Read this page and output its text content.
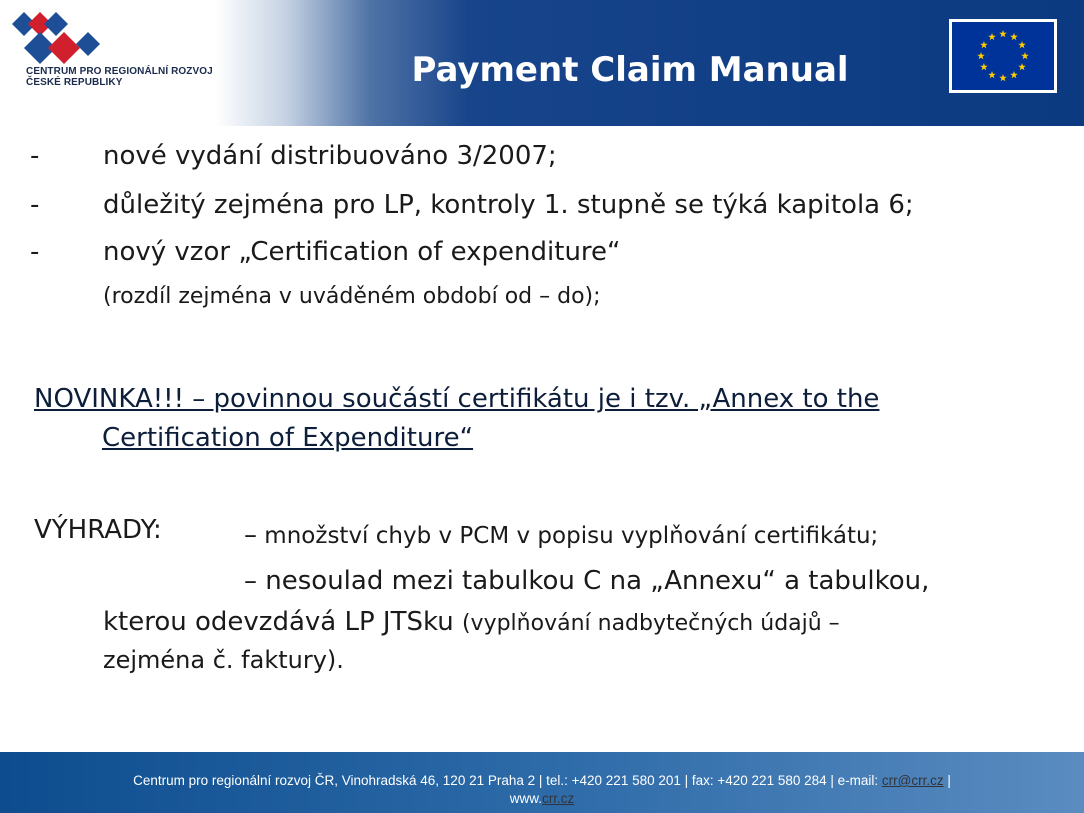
CENTRUM PRO REGIONÁLNÍ ROZVOJ
ČESKÉ REPUBLIKY	Payment Claim Manual
- nové vydání distribuováno 3/2007;
- důležitý zejména pro LP, kontroly 1. stupně se týká kapitola 6;
- nový vzor „Certification of expenditure“
(rozdíl zejména v uváděném období od – do);
NOVINKA!!! – povinnou součástí certifikátu je i tzv. „Annex to the
Certification of Expenditure“
VÝHRADY:	– množství chyb v PCM v popisu vyplňování certifikátu;
– nesoulad mezi tabulkou C na „Annexu“ a tabulkou,
kterou odevzdává LP JTSku (vyplňování nadbytečných údajů –
zejména č. faktury).
Centrum pro regionální rozvoj ČR, Vinohradská 46, 120 21 Praha 2 | tel.: +420 221 580 201 | fax: +420 221 580 284 | e-mail: crr@crr.cz |
www.crr.cz
